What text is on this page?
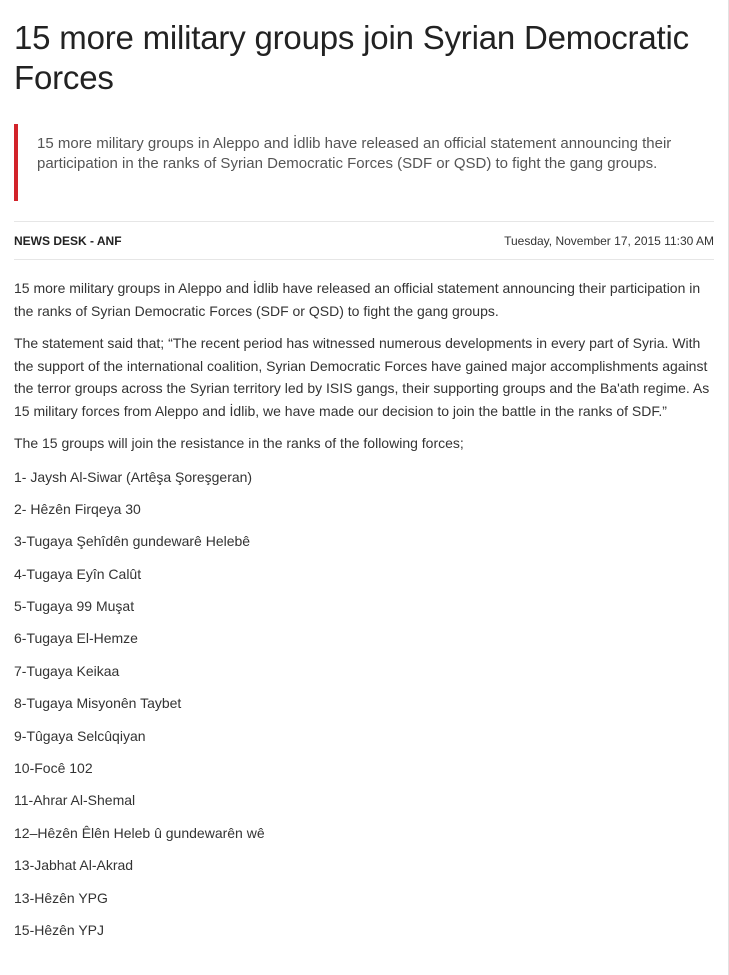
15 more military groups join Syrian Democratic Forces

15 more military groups in Aleppo and İdlib have released an official statement announcing their participation in the ranks of Syrian Democratic Forces (SDF or QSD) to fight the gang groups.

NEWS DESK - ANF	Tuesday, November 17, 2015 11:30 AM

15 more military groups in Aleppo and İdlib have released an official statement announcing their participation in the ranks of Syrian Democratic Forces (SDF or QSD) to fight the gang groups.

The statement said that; “The recent period has witnessed numerous developments in every part of Syria. With the support of the international coalition, Syrian Democratic Forces have gained major accomplishments against the terror groups across the Syrian territory led by ISIS gangs, their supporting groups and the Ba'ath regime. As 15 military forces from Aleppo and İdlib, we have made our decision to join the battle in the ranks of SDF.”

The 15 groups will join the resistance in the ranks of the following forces;

1- Jaysh Al-Siwar (Artêşa Şoreşgeran)
2- Hêzên Firqeya 30
3-Tugaya Şehîdên gundewarê Helebê
4-Tugaya Eyîn Calût
5-Tugaya 99 Muşat
6-Tugaya El-Hemze
7-Tugaya Keikaa
8-Tugaya Misyonên Taybet
9-Tûgaya Selcûqiyan
10-Focê 102
11-Ahrar Al-Shemal
12–Hêzên Êlên Heleb û gundewarên wê
13-Jabhat Al-Akrad
13-Hêzên YPG
15-Hêzên YPJ
